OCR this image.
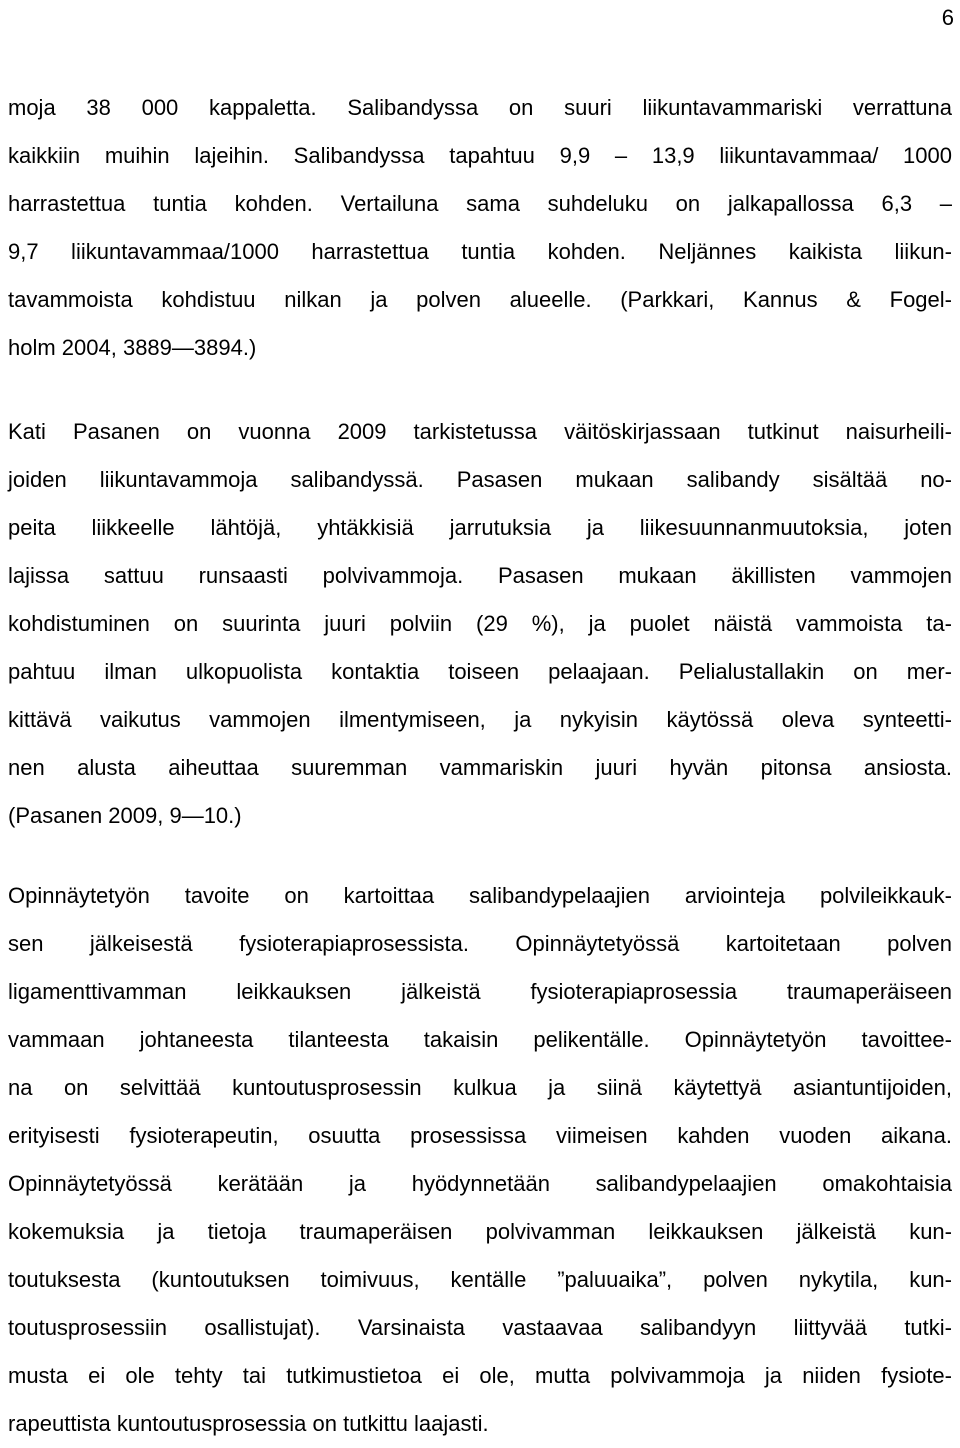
6
moja 38 000 kappaletta. Salibandyssa on suuri liikuntavammariski verrattuna
kaikkiin muihin lajeihin. Salibandyssa tapahtuu 9,9 – 13,9 liikuntavammaa/ 1000
harrastettua tuntia kohden. Vertailuna sama suhdeluku on jalkapallossa 6,3 –
9,7 liikuntavammaa/1000 harrastettua tuntia kohden. Neljännes kaikista liikun-
tavammoista kohdistuu nilkan ja polven alueelle. (Parkkari, Kannus & Fogel-
holm 2004, 3889—3894.)
Kati Pasanen on vuonna 2009 tarkistetussa väitöskirjassaan tutkinut naisurheili-
joiden liikuntavammoja salibandyssä. Pasasen mukaan salibandy sisältää no-
peita liikkeelle lähtöjä, yhtäkkisiä jarrutuksia ja liikesuunnanmuutoksia, joten
lajissa sattuu runsaasti polvivammoja. Pasasen mukaan äkillisten vammojen
kohdistuminen on suurinta juuri polviin (29 %), ja puolet näistä vammoista ta-
pahtuu ilman ulkopuolista kontaktia toiseen pelaajaan. Pelialustallakin on mer-
kittävä vaikutus vammojen ilmentymiseen, ja nykyisin käytössä oleva synteetti-
nen alusta aiheuttaa suuremman vammariskin juuri hyvän pitonsa ansiosta.
(Pasanen 2009, 9—10.)
Opinnäytetyön tavoite on kartoittaa salibandypelaajien arviointeja polvileikkauk-
sen jälkeisestä fysioterapiaprosessista. Opinnäytetyössä kartoitetaan polven
ligamenttivamman leikkauksen jälkeistä fysioterapiaprosessia traumaperäiseen
vammaan johtaneesta tilanteesta takaisin pelikentälle. Opinnäytetyön tavoittee-
na on selvittää kuntoutusprosessin kulkua ja siinä käytettyä asiantuntijoiden,
erityisesti fysioterapeutin, osuutta prosessissa viimeisen kahden vuoden aikana.
Opinnäytetyössä kerätään ja hyödynnetään salibandypelaajien omakohtaisia
kokemuksia ja tietoja traumaperäisen polvivamman leikkauksen jälkeistä kun-
toutuksesta (kuntoutuksen toimivuus, kentälle ”paluuaika”, polven nykytila, kun-
toutusprosessiin osallistujat). Varsinaista vastaavaa salibandyyn liittyvää tutki-
musta ei ole tehty tai tutkimustietoa ei ole, mutta polvivammoja ja niiden fysiote-
rapeuttista kuntoutusprosessia on tutkittu laajasti.
